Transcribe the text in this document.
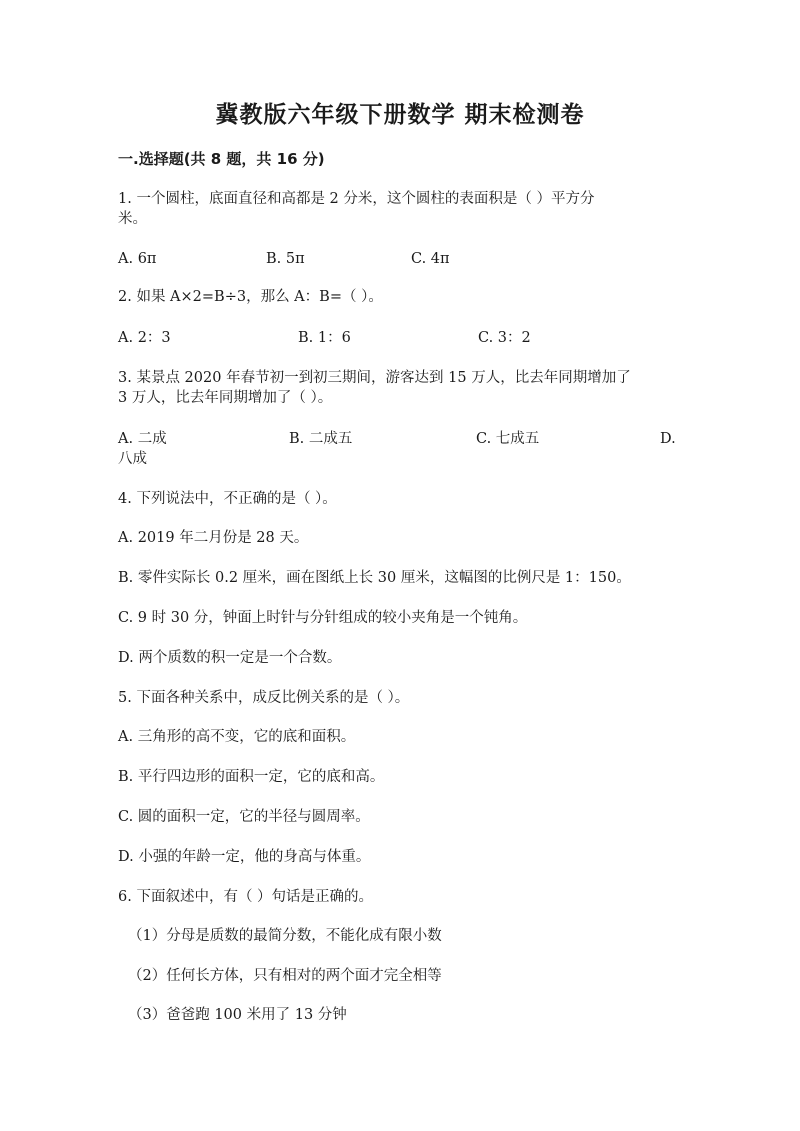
冀教版六年级下册数学 期末检测卷
一.选择题(共 8 题，共 16 分)
1. 一个圆柱，底面直径和高都是 2 分米，这个圆柱的表面积是（ ）平方分
米。
A. 6π	B. 5π	C. 4π
2. 如果 A×2=B÷3，那么 A：B=（ ）。
A. 2：3	B. 1：6	C. 3：2
3. 某景点 2020 年春节初一到初三期间，游客达到 15 万人，比去年同期增加了
3 万人，比去年同期增加了（ ）。
A. 二成	B. 二成五	C. 七成五	D.
八成
4. 下列说法中，不正确的是（ ）。
A. 2019 年二月份是 28 天。
B. 零件实际长 0.2 厘米，画在图纸上长 30 厘米，这幅图的比例尺是 1：150。
C. 9 时 30 分，钟面上时针与分针组成的较小夹角是一个钝角。
D. 两个质数的积一定是一个合数。
5. 下面各种关系中，成反比例关系的是（ ）。
A. 三角形的高不变，它的底和面积。
B. 平行四边形的面积一定，它的底和高。
C. 圆的面积一定，它的半径与圆周率。
D. 小强的年龄一定，他的身高与体重。
6. 下面叙述中，有（ ）句话是正确的。
（1）分母是质数的最简分数，不能化成有限小数
（2）任何长方体，只有相对的两个面才完全相等
（3）爸爸跑 100 米用了 13 分钟
